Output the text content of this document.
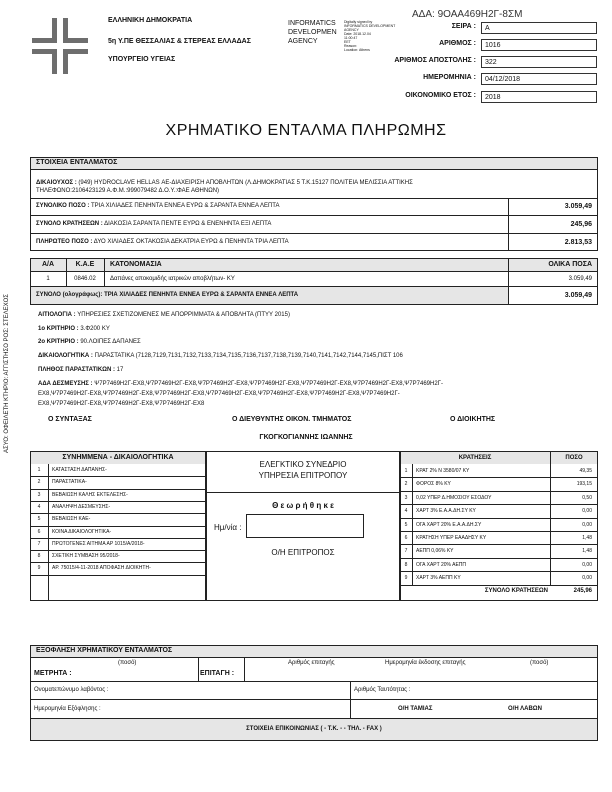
ΕΛΛΗΝΙΚΗ ΔΗΜΟΚΡΑΤΙΑ
5η Υ.ΠΕ ΘΕΣΣΑΛΙΑΣ & ΣΤΕΡΕΑΣ ΕΛΛΑΔΑΣ
ΥΠΟΥΡΓΕΙΟ ΥΓΕΙΑΣ
INFORMATICS
DEVELOPMEN
AGENCY
Digitally signed by
INFORMATICS DEVELOPMENT
AGENCY
Date: 2018.12.04
11:00:47
EET
Reason:
Location: Athens
ΑΔΑ: 9ΟΑΑ469Η2Γ-8ΣΜ
ΣΕΙΡΑ :	Α
ΑΡΙΘΜΟΣ :	1016
ΑΡΙΘΜΟΣ ΑΠΟΣΤΟΛΗΣ :	322
ΗΜΕΡΟΜΗΝΙΑ :	04/12/2018
ΟΙΚΟΝΟΜΙΚΟ ΕΤΟΣ :	2018
ΧΡΗΜΑΤΙΚΟ ΕΝΤΑΛΜΑ ΠΛΗΡΩΜΗΣ
ΑΣΥΟ: ΟΦΕΙΛΕΤΗ ΚΤΗΡΙΟ: ΑΓΓΙΣΤΗΣΟ ΡΟΣ: ΣΤΕΛΕΧΟΣ
ΣΤΟΙΧΕΙΑ ΕΝΤΑΛΜΑΤΟΣ
ΔΙΚΑΙΟΥΧΟΣ : (949) HYDROCLAVE HELLAS ΑΕ-ΔΙΑΧΕΙΡΙΣΗ ΑΠΟΒΛΗΤΩΝ (Λ.ΔΗΜΟΚΡΑΤΙΑΣ 5 Τ.Κ.15127 ΠΟΛΙΤΕΙΑ ΜΕΛΙΣΣΙΑ ΑΤΤΙΚΗΣ
ΤΗΛΕΦΩΝΟ:2106423129 Α.Φ.Μ.:999079482 Δ.Ο.Υ.:ΦΑΕ ΑΘΗΝΩΝ)
ΣΥΝΟΛΙΚΟ ΠΟΣΟ : ΤΡΙΑ ΧΙΛΙΑΔΕΣ ΠΕΝΗΝΤΑ ΕΝΝΕΑ ΕΥΡΩ & ΣΑΡΑΝΤΑ ΕΝΝΕΑ ΛΕΠΤΑ	3.059,49
ΣΥΝΟΛΟ ΚΡΑΤΗΣΕΩΝ : ΔΙΑΚΟΣΙΑ ΣΑΡΑΝΤΑ ΠΕΝΤΕ ΕΥΡΩ & ΕΝΕΝΗΝΤΑ ΕΞΙ ΛΕΠΤΑ	245,96
ΠΛΗΡΩΤΕΟ ΠΟΣΟ : ΔΥΟ ΧΙΛΙΑΔΕΣ ΟΚΤΑΚΟΣΙΑ ΔΕΚΑΤΡΙΑ ΕΥΡΩ & ΠΕΝΗΝΤΑ ΤΡΙΑ ΛΕΠΤΑ	2.813,53
Α/Α	Κ.Α.Ε	ΚΑΤΟΝΟΜΑΣΙΑ	ΟΛΙΚΑ ΠΟΣΑ
1	0846.02	Δαπάνες αποκομιδής ιατρικών αποβλήτων- ΚΥ	3.059,49
ΣΥΝΟΛΟ (ολογράφως): ΤΡΙΑ ΧΙΛΙΑΔΕΣ ΠΕΝΗΝΤΑ ΕΝΝΕΑ ΕΥΡΩ & ΣΑΡΑΝΤΑ ΕΝΝΕΑ ΛΕΠΤΑ	3.059,49
ΑΙΤΙΟΛΟΓΙΑ : ΥΠΗΡΕΣΙΕΣ ΣΧΕΤΙΖΟΜΕΝΕΣ ΜΕ ΑΠΟΡΡΙΜΜΑΤΑ & ΑΠΟΒΛΗΤΑ (ΠΤΥΥ 2015)
1ο ΚΡΙΤΗΡΙΟ : 3.Φ200 ΚΥ
2ο ΚΡΙΤΗΡΙΟ : 90.ΛΟΙΠΕΣ ΔΑΠΑΝΕΣ
ΔΙΚΑΙΟΛΟΓΗΤΙΚΑ : ΠΑΡΑΣΤΑΤΙΚΑ (7128,7129,7131,7132,7133,7134,7135,7136,7137,7138,7139,7140,7141,7142,7144,7145,ΠΙΣΤ 106
ΠΛΗΘΟΣ ΠΑΡΑΣΤΑΤΙΚΩΝ : 17
ΑΔΑ ΔΕΣΜΕΥΣΗΣ : Ψ7Ρ7469Η2Γ-ΕΧ8,Ψ7Ρ7469Η2Γ-ΕΧ8,Ψ7Ρ7469Η2Γ-ΕΧ8,Ψ7Ρ7469Η2Γ-ΕΧ8,Ψ7Ρ7469Η2Γ-ΕΧ8,Ψ7Ρ7469Η2Γ-ΕΧ8,Ψ7Ρ7469Η2Γ-
ΕΧ8,Ψ7Ρ7469Η2Γ-ΕΧ8,Ψ7Ρ7469Η2Γ-ΕΧ8,Ψ7Ρ7469Η2Γ-ΕΧ8,Ψ7Ρ7469Η2Γ-ΕΧ8,Ψ7Ρ7469Η2Γ-ΕΧ8,Ψ7Ρ7469Η2Γ-ΕΧ8,Ψ7Ρ7469Η2Γ-
ΕΧ8,Ψ7Ρ7469Η2Γ-ΕΧ8,Ψ7Ρ7469Η2Γ-ΕΧ8,Ψ7Ρ7469Η2Γ-ΕΧ8
Ο ΣΥΝΤΑΞΑΣ	Ο ΔΙΕΥΘΥΝΤΗΣ ΟΙΚΟΝ. ΤΜΗΜΑΤΟΣ	Ο ΔΙΟΙΚΗΤΗΣ
ΓΚΟΓΚΟΓΙΑΝΝΗΣ ΙΩΑΝΝΗΣ
ΣΥΝΗΜΜΕΝΑ - ΔΙΚΑΙΟΛΟΓΗΤΙΚΑ
1	ΚΑΤΑΣΤΑΣΗ ΔΑΠΑΝΗΣ-
2	ΠΑΡΑΣΤΑΤΙΚΑ-
3	ΒΕΒΑΙΩΣΗ ΚΑΛΗΣ ΕΚΤΕΛΕΣΗΣ-
4	ΑΝΑΛΗΨΗ ΔΕΣΜΕΥΣΗΣ-
5	ΒΕΒΑΙΩΣΗ ΚΑΕ-
6	ΚΟΙΝΑ ΔΙΚΑΙΟΛΟΓΗΤΙΚΑ-
7	ΠΡΩΤΟΓΕΝΕΣ ΑΙΤΗΜΑ ΑΡ 1015/Α/2018-
8	ΣΧΕΤΙΚΗ ΣΥΜΒΑΣΗ 95/2018-
9	ΑΡ. 75015/4-11-2018 ΑΠΟΦΑΣΗ ΔΙΟΙΚΗΤΗ-
ΕΛΕΓΚΤΙΚΟ ΣΥΝΕΔΡΙΟ
ΥΠΗΡΕΣΙΑ ΕΠΙΤΡΟΠΟΥ
Θ ε ω ρ ή θ η κ ε
Ημ/νία :
Ο/Η ΕΠΙΤΡΟΠΟΣ
ΚΡΑΤΗΣΕΙΣ	ΠΟΣΟ
1	ΚΡΑΤ 2% Ν 3580/07 ΚΥ	49,35
2	ΦΟΡΟΣ 8% ΚΥ	193,15
3	0,02 ΥΠΕΡ Δ.ΗΜΟΣΙΟΥ ΕΣΟΔΟΥ	0,50
4	ΧΑΡΤ 3% Ε.Α.Α.ΔΗ.ΣΥ ΚΥ	0,00
5	ΟΓΑ ΧΑΡΤ 20% Ε.Α.Α.ΔΗ.ΣΥ	0,00
6	ΚΡΑΤΗΣΗ ΥΠΕΡ ΕΑΑΔΗΣΥ ΚΥ	1,48
7	ΑΕΠΠ 0,06% ΚΥ	1,48
8	ΟΓΑ ΧΑΡΤ 20% ΑΕΠΠ	0,00
9	ΧΑΡΤ 3% ΑΕΠΠ ΚΥ	0,00
ΣΥΝΟΛΟ ΚΡΑΤΗΣΕΩΝ	245,96
ΕΞΟΦΛΗΣΗ ΧΡΗΜΑΤΙΚΟΥ ΕΝΤΑΛΜΑΤΟΣ
(ποσό)	Αριθμός επιταγής	Ημερομηνία έκδοσης επιταγής	(ποσό)
ΜΕΤΡΗΤΑ :	ΕΠΙΤΑΓΗ :
Ονοματεπώνυμο λαβόντος :	Αριθμός Ταυτότητας :
Ημερομηνία Εξόφλησης :	Ο/Η ΤΑΜΙΑΣ	Ο/Η ΛΑΒΩΝ
ΣΤΟΙΧΕΙΑ ΕΠΙΚΟΙΝΩΝΙΑΣ ( - Τ.Κ. - - ΤΗΛ. - FAX )
